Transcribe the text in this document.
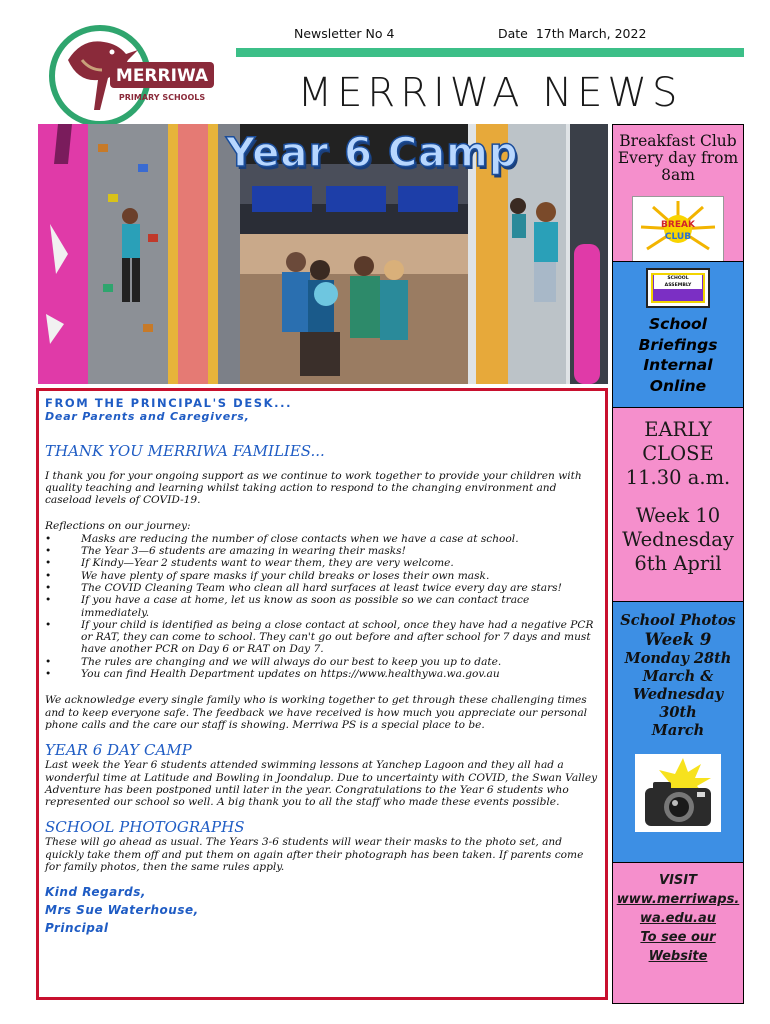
MERRIWA
PRIMARY SCHOOLS
Newsletter No 4	Date 17th March, 2022
MERRIWA NEWS
Year 6 Camp
FROM THE PRINCIPAL'S DESK...
Dear Parents and Caregivers,
THANK YOU MERRIWA FAMILIES...

I thank you for your ongoing support as we continue to work together to provide your children with quality teaching and learning whilst taking action to respond to the changing environment and caseload levels of COVID-19.

Reflections on our journey:

• Masks are reducing the number of close contacts when we have a case at school.
• The Year 3—6 students are amazing in wearing their masks!
• If Kindy—Year 2 students want to wear them, they are very welcome.
• We have plenty of spare masks if your child breaks or loses their own mask.
• The COVID Cleaning Team who clean all hard surfaces at least twice every day are stars!
• If you have a case at home, let us know as soon as possible so we can contact trace immediately.
• If your child is identified as being a close contact at school, once they have had a negative PCR or RAT, they can come to school. They can't go out before and after school for 7 days and must have another PCR on Day 6 or RAT on Day 7.
• The rules are changing and we will always do our best to keep you up to date.
• You can find Health Department updates on https://www.healthywa.wa.gov.au

We acknowledge every single family who is working together to get through these challenging times and to keep everyone safe. The feedback we have received is how much you appreciate our personal phone calls and the care our staff is showing. Merriwa PS is a special place to be.

YEAR 6 DAY CAMP

Last week the Year 6 students attended swimming lessons at Yanchep Lagoon and they all had a wonderful time at Latitude and Bowling in Joondalup. Due to uncertainty with COVID, the Swan Valley Adventure has been postponed until later in the year. Congratulations to the Year 6 students who represented our school so well. A big thank you to all the staff who made these events possible.

SCHOOL PHOTOGRAPHS

These will go ahead as usual. The Years 3-6 students will wear their masks to the photo set, and quickly take them off and put them on again after their photograph has been taken. If parents come for family photos, then the same rules apply.

Kind Regards,
Mrs Sue Waterhouse,
Principal
Breakfast Club
Every day from
8am
BREAK
CLUB
SCHOOL ASSEMBLY
School
Briefings
Internal
Online
EARLY
CLOSE
11.30 a.m.
Week 10
Wednesday
6th April
School Photos
Week 9
Monday 28th
March &
Wednesday 30th
March
VISIT
www.merriwaps.
wa.edu.au
To see our
Website
